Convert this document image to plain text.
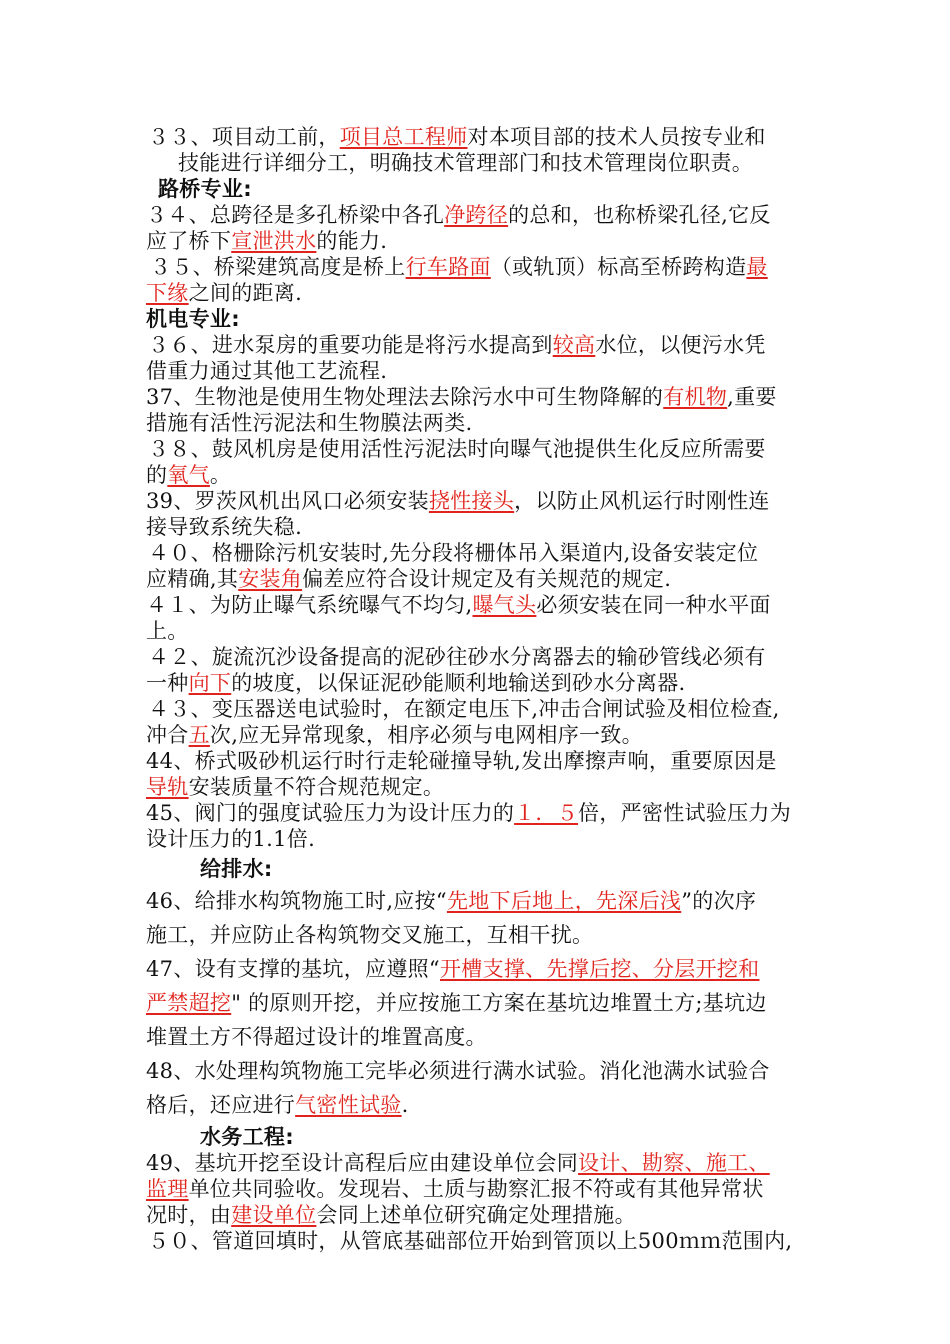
３３、项目动工前，项目总工程师对本项目部的技术人员按专业和
技能进行详细分工，明确技术管理部门和技术管理岗位职责。
路桥专业:
３４、总跨径是多孔桥梁中各孔净跨径的总和，也称桥梁孔径,它反
应了桥下宣泄洪水的能力.
３５、桥梁建筑高度是桥上行车路面（或轨顶）标高至桥跨构造最
下缘之间的距离.
机电专业:
３６、进水泵房的重要功能是将污水提高到较高水位，以便污水凭
借重力通过其他工艺流程.
37、生物池是使用生物处理法去除污水中可生物降解的有机物,重要
措施有活性污泥法和生物膜法两类.
３８、鼓风机房是使用活性污泥法时向曝气池提供生化反应所需要
的氧气。
39、罗茨风机出风口必须安装挠性接头，以防止风机运行时刚性连
接导致系统失稳.
４０、格栅除污机安装时,先分段将栅体吊入渠道内,设备安装定位
应精确,其安装角偏差应符合设计规定及有关规范的规定.
４１、为防止曝气系统曝气不均匀,曝气头必须安装在同一种水平面
上。
４２、旋流沉沙设备提高的泥砂往砂水分离器去的输砂管线必须有
一种向下的坡度，以保证泥砂能顺利地输送到砂水分离器.
４３、变压器送电试验时，在额定电压下,冲击合闸试验及相位检查,
冲合五次,应无异常现象，相序必须与电网相序一致。
44、桥式吸砂机运行时行走轮碰撞导轨,发出摩擦声响，重要原因是
导轨安装质量不符合规范规定。
45、阀门的强度试验压力为设计压力的１．５倍，严密性试验压力为
设计压力的1.1倍.
给排水:
46、给排水构筑物施工时,应按“先地下后地上，先深后浅”的次序
施工，并应防止各构筑物交叉施工，互相干扰。
47、设有支撑的基坑，应遵照“开槽支撑、先撑后挖、分层开挖和
严禁超挖" 的原则开挖，并应按施工方案在基坑边堆置土方;基坑边
堆置土方不得超过设计的堆置高度。
48、水处理构筑物施工完毕必须进行满水试验。消化池满水试验合
格后，还应进行气密性试验.
水务工程:
49、基坑开挖至设计高程后应由建设单位会同设计、勘察、施工、
监理单位共同验收。发现岩、土质与勘察汇报不符或有其他异常状
况时，由建设单位会同上述单位研究确定处理措施。
５０、管道回填时，从管底基础部位开始到管顶以上500ｍｍ范围内,
